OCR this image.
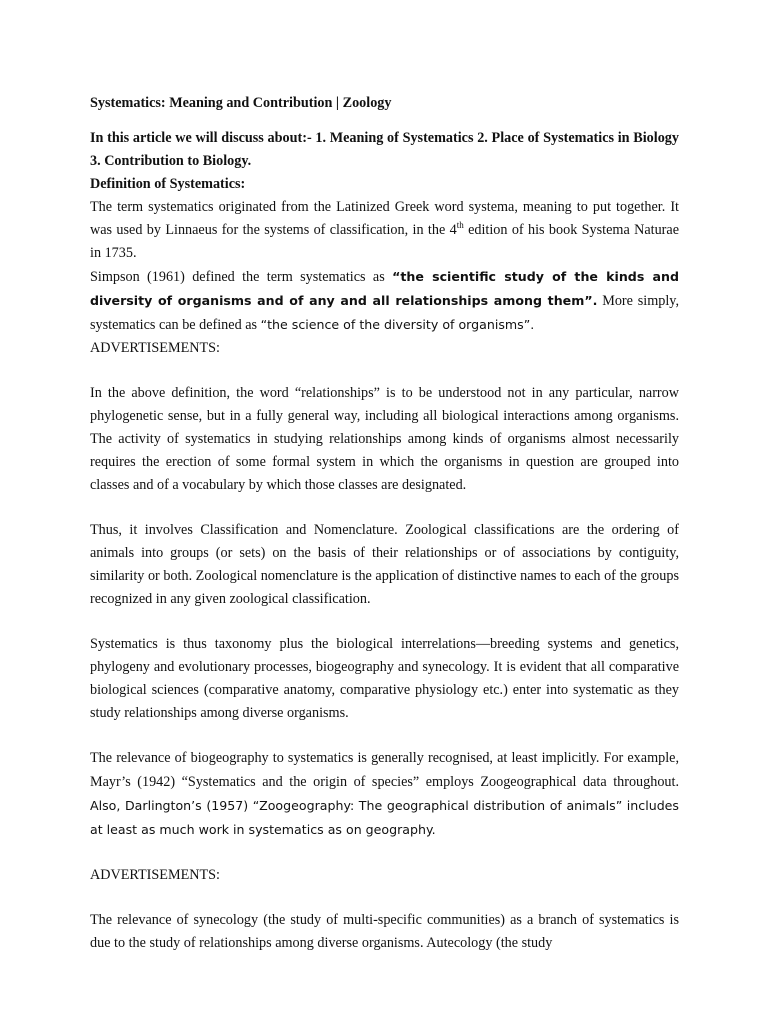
Systematics: Meaning and Contribution | Zoology

In this article we will discuss about:- 1. Meaning of Systematics 2. Place of Systematics in Biology 3. Contribution to Biology.

Definition of Systematics:

The term systematics originated from the Latinized Greek word systema, meaning to put together. It was used by Linnaeus for the systems of classification, in the 4th edition of his book Systema Naturae in 1735.

Simpson (1961) defined the term systematics as “the scientific study of the kinds and diversity of organisms and of any and all relationships among them”. More simply, systematics can be defined as “the science of the diversity of organisms”.

ADVERTISEMENTS:

In the above definition, the word “relationships” is to be understood not in any particular, narrow phylogenetic sense, but in a fully general way, including all biological interactions among organisms. The activity of systematics in studying relationships among kinds of organisms almost necessarily requires the erection of some formal system in which the organisms in question are grouped into classes and of a vocabulary by which those classes are designated.

Thus, it involves Classification and Nomenclature. Zoological classifications are the ordering of animals into groups (or sets) on the basis of their relationships or of associations by contiguity, similarity or both. Zoological nomenclature is the application of distinctive names to each of the groups recognized in any given zoological classification.

Systematics is thus taxonomy plus the biological interrelations—breeding systems and genetics, phylogeny and evolutionary processes, biogeography and synecology. It is evident that all comparative biological sciences (comparative anatomy, comparative physiology etc.) enter into systematic as they study relationships among diverse organisms.

The relevance of biogeography to systematics is generally recognised, at least implicitly. For example, Mayr’s (1942) “Systematics and the origin of species” employs Zoogeographical data throughout. Also, Darlington’s (1957) “Zoogeography: The geographical distribution of animals” includes at least as much work in systematics as on geography.

ADVERTISEMENTS:

The relevance of synecology (the study of multi-specific communities) as a branch of systematics is due to the study of relationships among diverse organisms. Autecology (the study
